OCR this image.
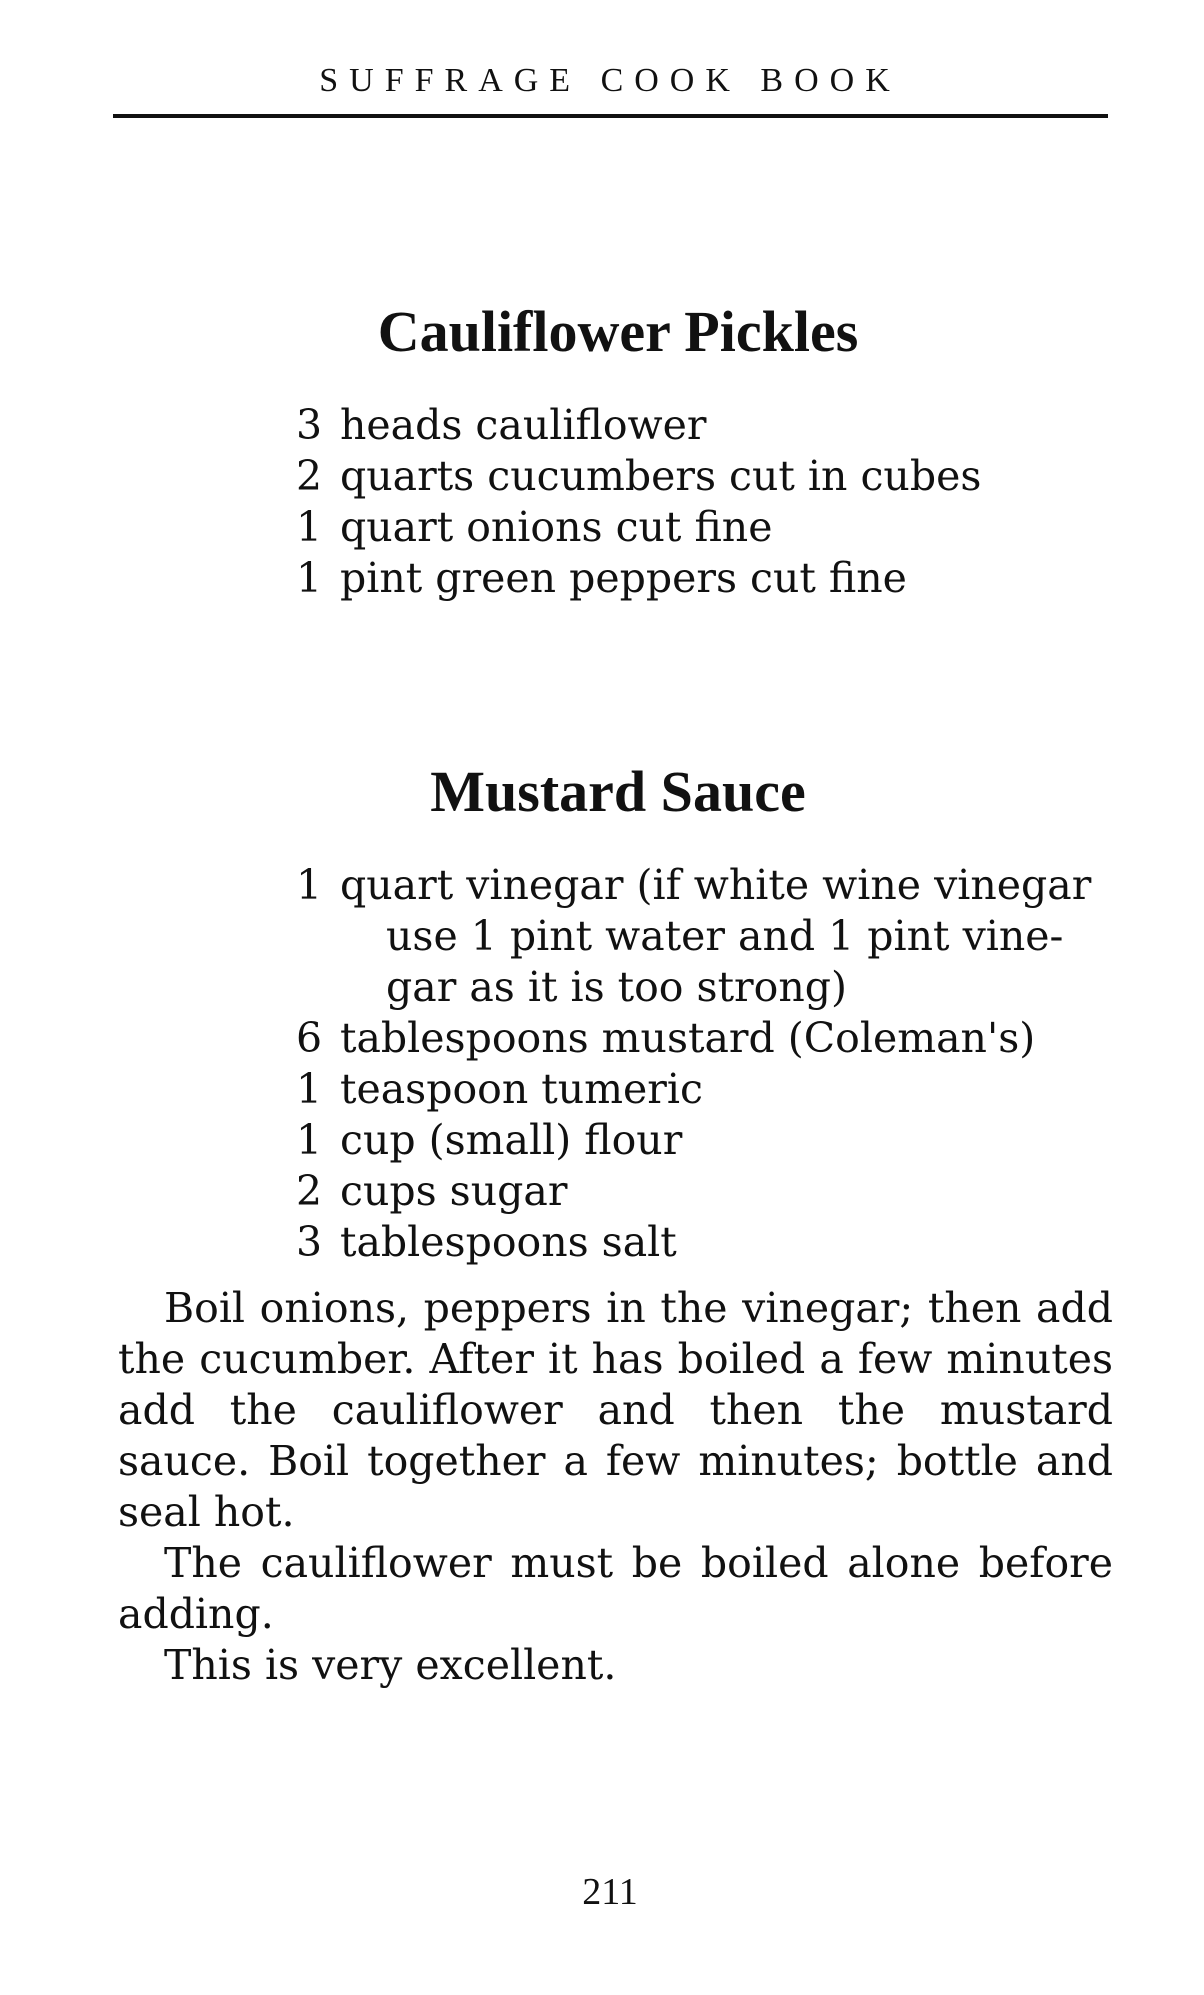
SUFFRAGE COOK BOOK
Cauliflower Pickles
3 heads cauliflower
2 quarts cucumbers cut in cubes
1 quart onions cut fine
1 pint green peppers cut fine
Mustard Sauce
1 quart vinegar (if white wine vinegar use 1 pint water and 1 pint vine-gar as it is too strong)
6 tablespoons mustard (Coleman's)
1 teaspoon tumeric
1 cup (small) flour
2 cups sugar
3 tablespoons salt

Boil onions, peppers in the vinegar; then add the cucumber. After it has boiled a few minutes add the cauliflower and then the mustard sauce. Boil together a few minutes; bottle and seal hot.

The cauliflower must be boiled alone before adding.

This is very excellent.

211
